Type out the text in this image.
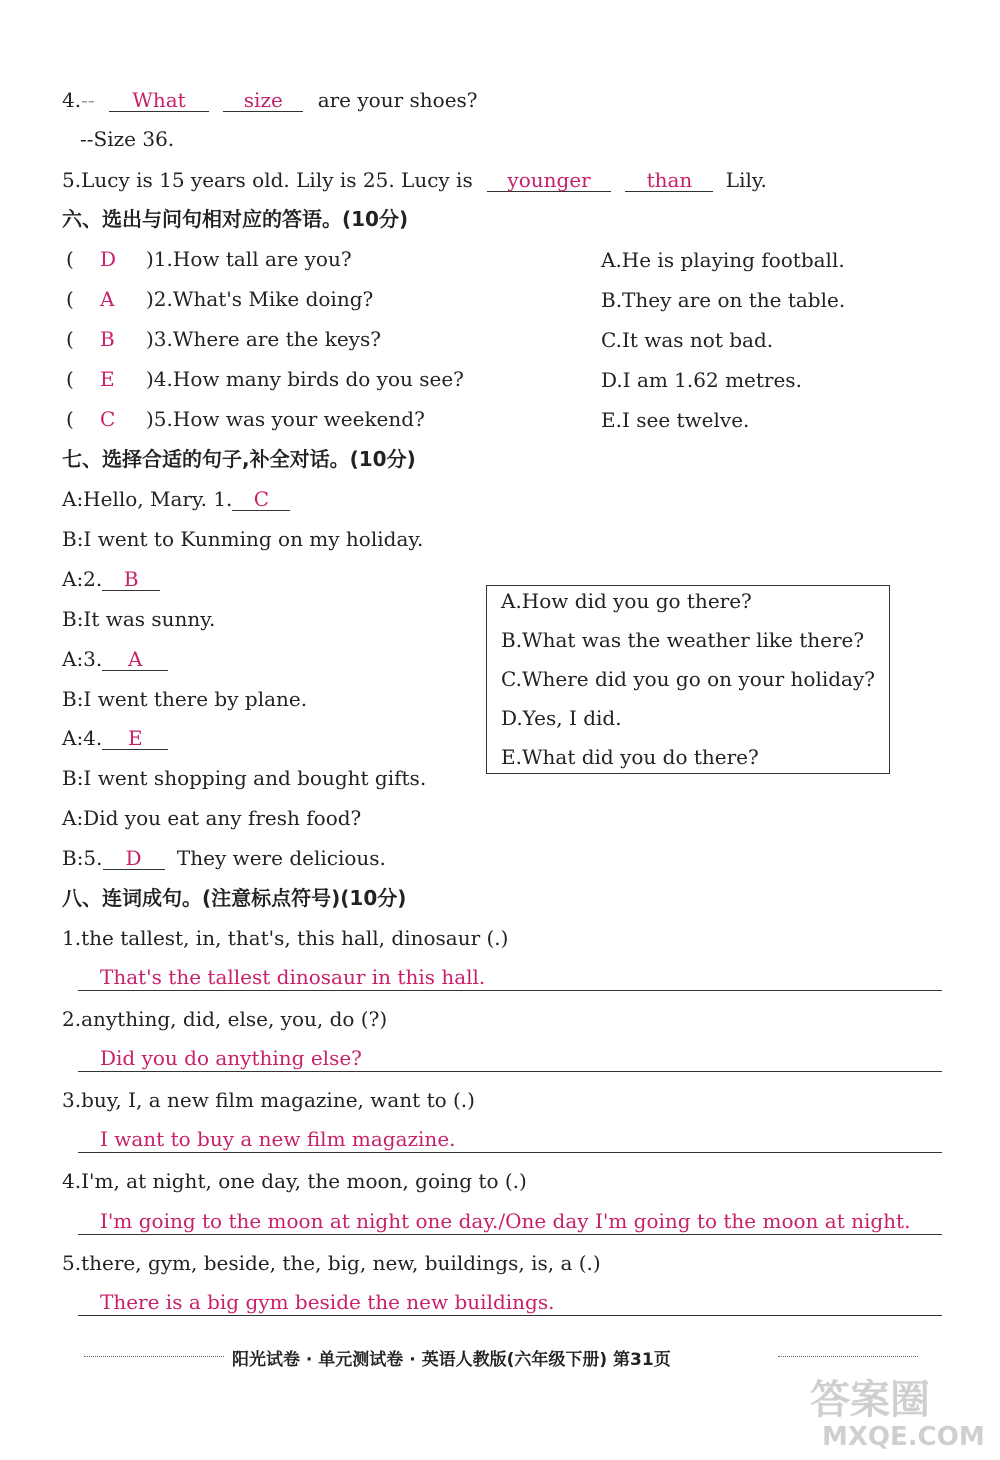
4.-- What	size are your shoes?
--Size 36.
5.Lucy is 15 years old. Lily is 25. Lucy is younger	than Lily.
六、选出与问句相对应的答语。(10分)
( D )1.How tall are you?
( A )2.What's Mike doing?
( B )3.Where are the keys?
( E )4.How many birds do you see?
( C )5.How was your weekend?
A.He is playing football.
B.They are on the table.
C.It was not bad.
D.I am 1.62 metres.
E.I see twelve.
七、选择合适的句子,补全对话。(10分)
A:Hello, Mary. 1. C
B:I went to Kunming on my holiday.
A:2. B
B:It was sunny.
A:3. A
B:I went there by plane.
A:4. E
B:I went shopping and bought gifts.
A:Did you eat any fresh food?
B:5. D They were delicious.
A.How did you go there?
B.What was the weather like there?
C.Where did you go on your holiday?
D.Yes, I did.
E.What did you do there?
八、连词成句。(注意标点符号)(10分)
1.the tallest, in, that's, this hall, dinosaur (.)
That's the tallest dinosaur in this hall.
2.anything, did, else, you, do (?)
Did you do anything else?
3.buy, I, a new film magazine, want to (.)
I want to buy a new film magazine.
4.I'm, at night, one day, the moon, going to (.)
I'm going to the moon at night one day./One day I'm going to the moon at night.
5.there, gym, beside, the, big, new, buildings, is, a (.)
There is a big gym beside the new buildings.
阳光试卷 · 单元测试卷 · 英语人教版(六年级下册) 第31页
答案圈
MXQE.COM
